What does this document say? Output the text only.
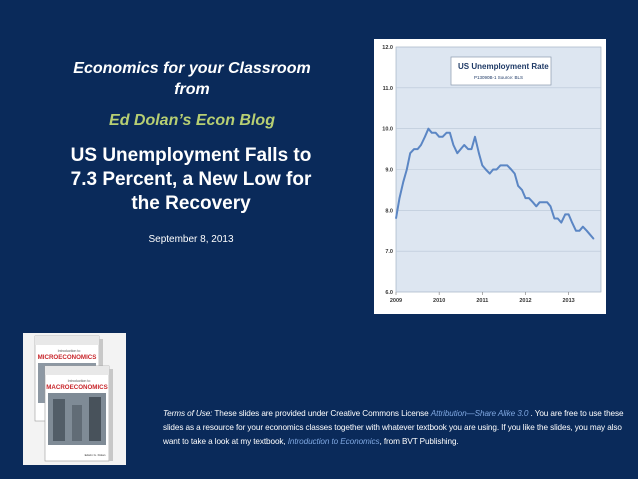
Economics for your Classroom
from
Ed Dolan’s Econ Blog
US Unemployment Falls to
7.3 Percent, a New Low for
the Recovery
September 8, 2013
6.0
7.0
8.0
9.0
10.0
11.0
12.0
2009	2010	2011	2012	2013
US Unemployment Rate
P13090B-1 Source: BLS
Introduction to
MICROECONOMICS
Introduction to
MACROECONOMICS
Edwin G. Dolan
Terms of Use: These slides are provided under Creative Commons License Attribution—Share Alike 3.0 . You are free to use these slides as a resource for your economics classes together with whatever textbook you are using. If you like the slides, you may also want to take a look at my textbook, Introduction to Economics, from BVT Publishing.
